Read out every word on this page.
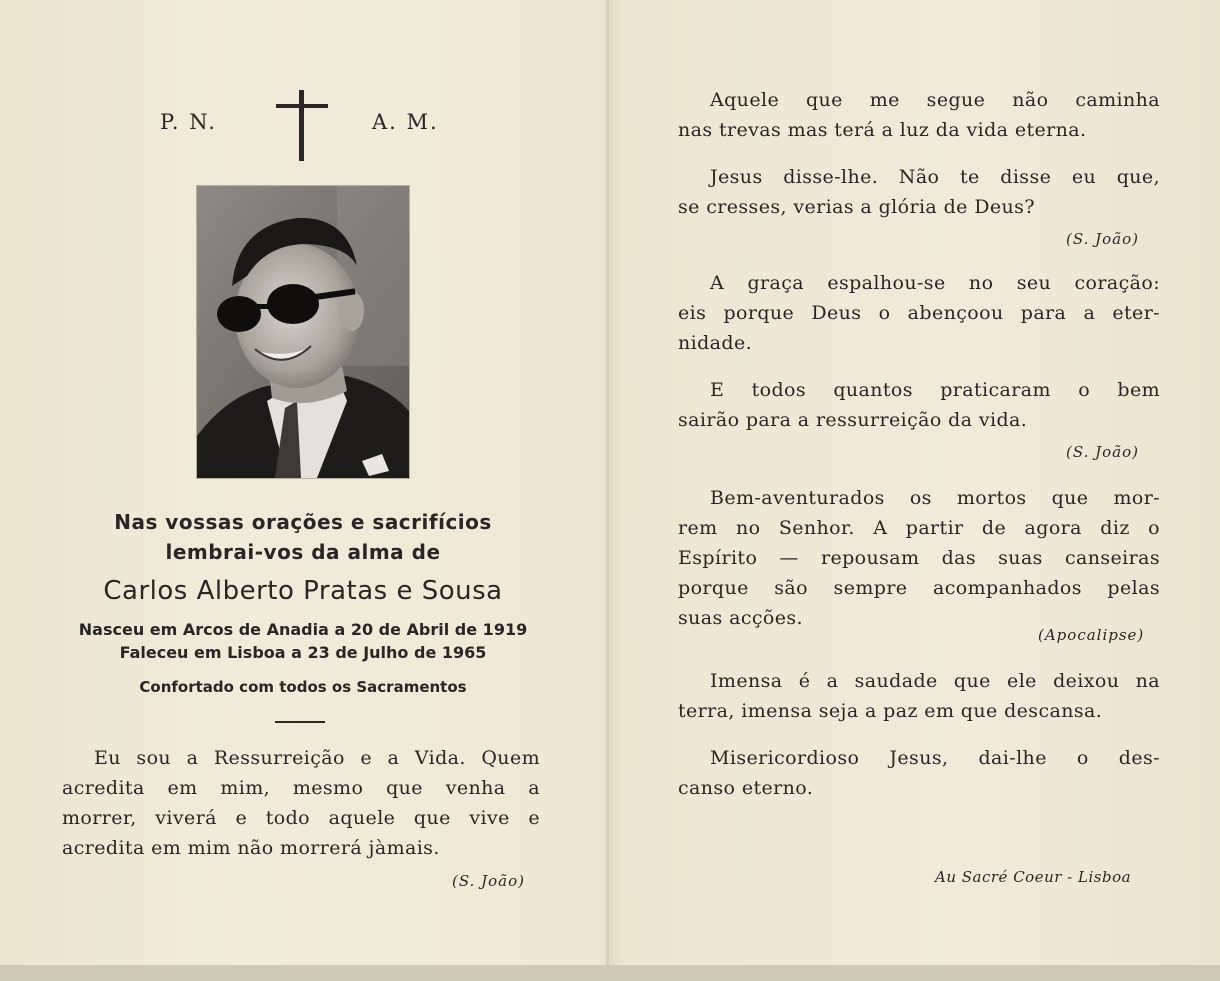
P. N.	A. M.
Nas vossas orações e sacrifícios
lembrai-vos da alma de
Carlos Alberto Pratas e Sousa
Nasceu em Arcos de Anadia a 20 de Abril de 1919
Faleceu em Lisboa a 23 de Julho de 1965
Confortado com todos os Sacramentos
Eu sou a Ressurreição e a Vida. Quem
acredita em mim, mesmo que venha a
morrer, viverá e todo aquele que vive e
acredita em mim não morrerá jàmais.
(S. João)
Aquele que me segue não caminha
nas trevas mas terá a luz da vida eterna.
Jesus disse-lhe. Não te disse eu que,
se cresses, verias a glória de Deus?
(S. João)
A graça espalhou-se no seu coração:
eis porque Deus o abençoou para a eter-
nidade.
E todos quantos praticaram o bem
sairão para a ressurreição da vida.
(S. João)
Bem-aventurados os mortos que mor-
rem no Senhor. A partir de agora diz o
Espírito — repousam das suas canseiras
porque são sempre acompanhados pelas
suas acções.
(Apocalipse)
Imensa é a saudade que ele deixou na
terra, imensa seja a paz em que descansa.
Misericordioso Jesus, dai-lhe o des-
canso eterno.
Au Sacré Coeur - Lisboa
